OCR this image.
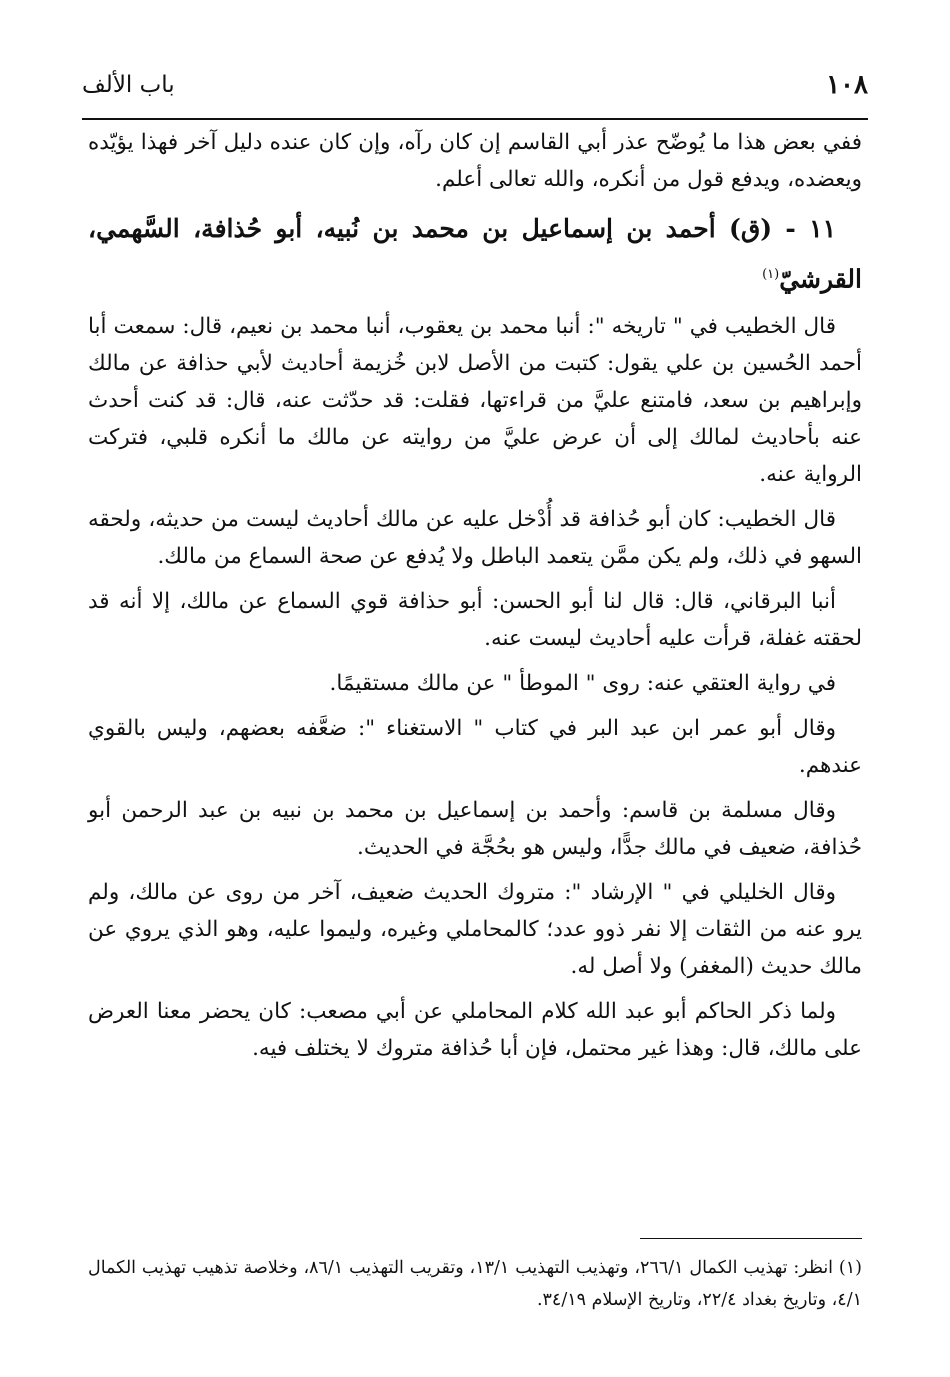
١٠٨
باب الألف

ففي بعض هذا ما يُوضّح عذر أبي القاسم إن كان رآه، وإن كان عنده دليل آخر فهذا يؤيّده ويعضده، ويدفع قول من أنكره، والله تعالى أعلم.

١١ - (ق) أحمد بن إسماعيل بن محمد بن نُبيه، أبو حُذافة، السَّهمي، القرشيّ$^{(١)}$

قال الخطيب في " تاريخه ": أنبا محمد بن يعقوب، أنبا محمد بن نعيم، قال: سمعت أبا أحمد الحُسين بن علي يقول: كتبت من الأصل لابن خُزيمة أحاديث لأبي حذافة عن مالك وإبراهيم بن سعد، فامتنع عليَّ من قراءتها، فقلت: قد حدّثت عنه، قال: قد كنت أحدث عنه بأحاديث لمالك إلى أن عرض عليَّ من روايته عن مالك ما أنكره قلبي، فتركت الرواية عنه.

قال الخطيب: كان أبو حُذافة قد أُدْخل عليه عن مالك أحاديث ليست من حديثه، ولحقه السهو في ذلك، ولم يكن ممَّن يتعمد الباطل ولا يُدفع عن صحة السماع من مالك.

أنبا البرقاني، قال: قال لنا أبو الحسن: أبو حذافة قوي السماع عن مالك، إلا أنه قد لحقته غفلة، قرأت عليه أحاديث ليست عنه.

في رواية العتقي عنه: روى " الموطأ " عن مالك مستقيمًا.

وقال أبو عمر ابن عبد البر في كتاب " الاستغناء ": ضعَّفه بعضهم، وليس بالقوي عندهم.

وقال مسلمة بن قاسم: وأحمد بن إسماعيل بن محمد بن نبيه بن عبد الرحمن أبو حُذافة، ضعيف في مالك جدًّا، وليس هو بحُجَّة في الحديث.

وقال الخليلي في " الإرشاد ": متروك الحديث ضعيف، آخر من روى عن مالك، ولم يرو عنه من الثقات إلا نفر ذوو عدد؛ كالمحاملي وغيره، وليموا عليه، وهو الذي يروي عن مالك حديث (المغفر) ولا أصل له.

ولما ذكر الحاكم أبو عبد الله كلام المحاملي عن أبي مصعب: كان يحضر معنا العرض على مالك، قال: وهذا غير محتمل، فإن أبا حُذافة متروك لا يختلف فيه.

(١) انظر: تهذيب الكمال ٢٦٦/١، وتهذيب التهذيب ١٣/١، وتقريب التهذيب ٨٦/١، وخلاصة تذهيب تهذيب الكمال ٤/١، وتاريخ بغداد ٢٢/٤، وتاريخ الإسلام ٣٤/١٩.
